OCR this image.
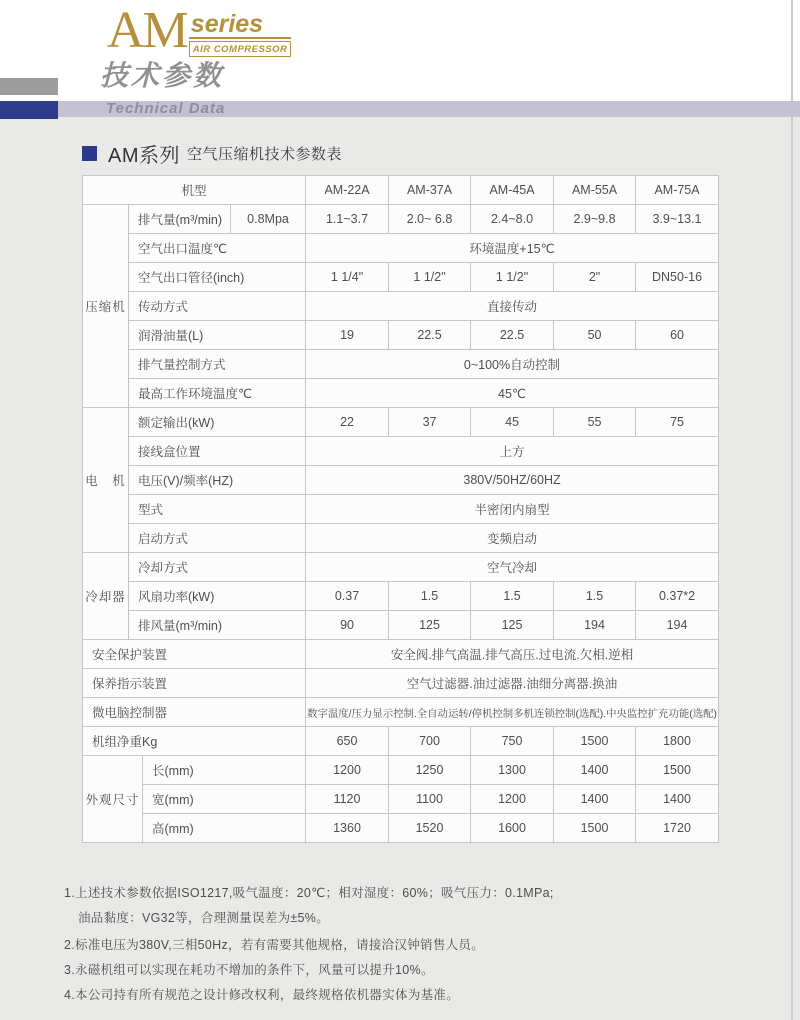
AM series
AIR COMPRESSOR
技术参数
Technical Data
AM系列 空气压缩机技术参数表
机型				AM-22A	AM-37A	AM-45A	AM-55A	AM-75A
压缩机	排气量(m³/min)		0.8Mpa	1.1~3.7	2.0~ 6.8	2.4~8.0	2.9~9.8	3.9~13.1
	空气出口温度℃			环境温度+15℃				
	空气出口管径(inch)			1 1/4"	1 1/2"	1 1/2"	2"	DN50-16
	传动方式			直接传动				
	润滑油量(L)			19	22.5	22.5	50	60
	排气量控制方式			0~100%自动控制				
	最高工作环境温度℃			45℃				
电　机	额定输出(kW)			22	37	45	55	75
	接线盒位置			上方				
	电压(V)/频率(HZ)			380V/50HZ/60HZ				
	型式			半密闭内扇型				
	启动方式			变频启动				
冷却器	冷却方式			空气冷却				
	风扇功率(kW)			0.37	1.5	1.5	1.5	0.37*2
	排风量(m³/min)			90	125	125	194	194
安全保护装置				安全阀.排气高温.排气高压.过电流.欠相.逆相				
保养指示装置				空气过滤器.油过滤器.油细分离器.换油				
微电脑控制器				数字温度/压力显示控制.全自动运转/停机控制多机连锁控制(选配).中央监控扩充功能(选配)				
机组净重Kg				650	700	750	1500	1800
外观尺寸		长(mm)		1200	1250	1300	1400	1500
		宽(mm)		1120	1100	1200	1400	1400
		高(mm)		1360	1520	1600	1500	1720
1.上述技术参数依据ISO1217,吸气温度：20℃；相对湿度：60%；吸气压力：0.1MPa;
油品黏度：VG32等，合理测量误差为±5%。
2.标准电压为380V,三相50Hz，若有需要其他规格，请接洽汉钟销售人员。
3.永磁机组可以实现在耗功不增加的条件下，风量可以提升10%。
4.本公司持有所有规范之设计修改权利，最终规格依机器实体为基准。
